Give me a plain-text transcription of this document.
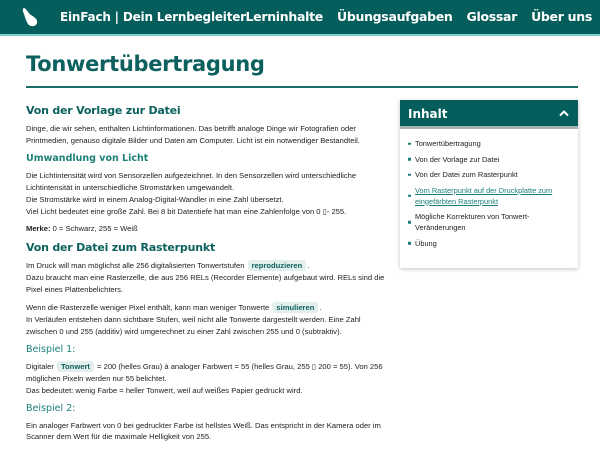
EinFach | Dein Lernbegleiter Lerninhalte Übungsaufgaben Glossar Über uns
Tonwertübertragung
Von der Vorlage zur Datei

Dinge, die wir sehen, enthalten Lichtinformationen. Das betrifft analoge Dinge wir Fotografien oder Printmedien, genauso digitale Bilder und Daten am Computer. Licht ist ein notwendiger Bestandteil.

Umwandlung von Licht

Die Lichtintensität wird von Sensorzellen aufgezeichnet. In den Sensorzellen wird unterschiedliche Lichtintensität in unterschiedliche Stromstärken umgewandelt.
Die Stromstärke wird in einem Analog-Digital-Wandler in eine Zahl übersetzt.
Viel Licht bedeutet eine große Zahl. Bei 8 bit Datentiefe hat man eine Zahlenfolge von 0 ▯- 255.

Merke: 0 = Schwarz, 255 = Weiß

Von der Datei zum Rasterpunkt

Im Druck will man möglichst alle 256 digitalisierten Tonwertstufen reproduzieren .
Dazu braucht man eine Rasterzelle, die aus 256 RELs (Recorder Elemente) aufgebaut wird. RELs sind die Pixel eines Plattenbelichters.

Wenn die Rasterzelle weniger Pixel enthält, kann man weniger Tonwerte simulieren .
In Verläufen entstehen dann sichtbare Stufen, weil nicht alle Tonwerte dargestellt werden. Eine Zahl zwischen 0 und 255 (additiv) wird umgerechnet zu einer Zahl zwischen 255 und 0 (subtraktiv).

Beispiel 1:

Digitaler Tonwert = 200 (helles Grau) à analoger Farbwert = 55 (helles Grau, 255 ▯ 200 = 55). Von 256 möglichen Pixeln werden nur 55 belichtet.
Das bedeutet: wenig Farbe = heller Tonwert, weil auf weißes Papier gedruckt wird.

Beispiel 2:

Ein analoger Farbwert von 0 bei gedruckter Farbe ist hellstes Weiß. Das entspricht in der Kamera oder im Scanner dem Wert für die maximale Helligkeit von 255.

Inhalt
Tonwertübertragung
Von der Vorlage zur Datei
Von der Datei zum Rasterpunkt
Vom Rasterpunkt auf der Druckplatte zum eingefärbten Rasterpunkt
Mögliche Korrekturen von Tonwert-Veränderungen
Übung
